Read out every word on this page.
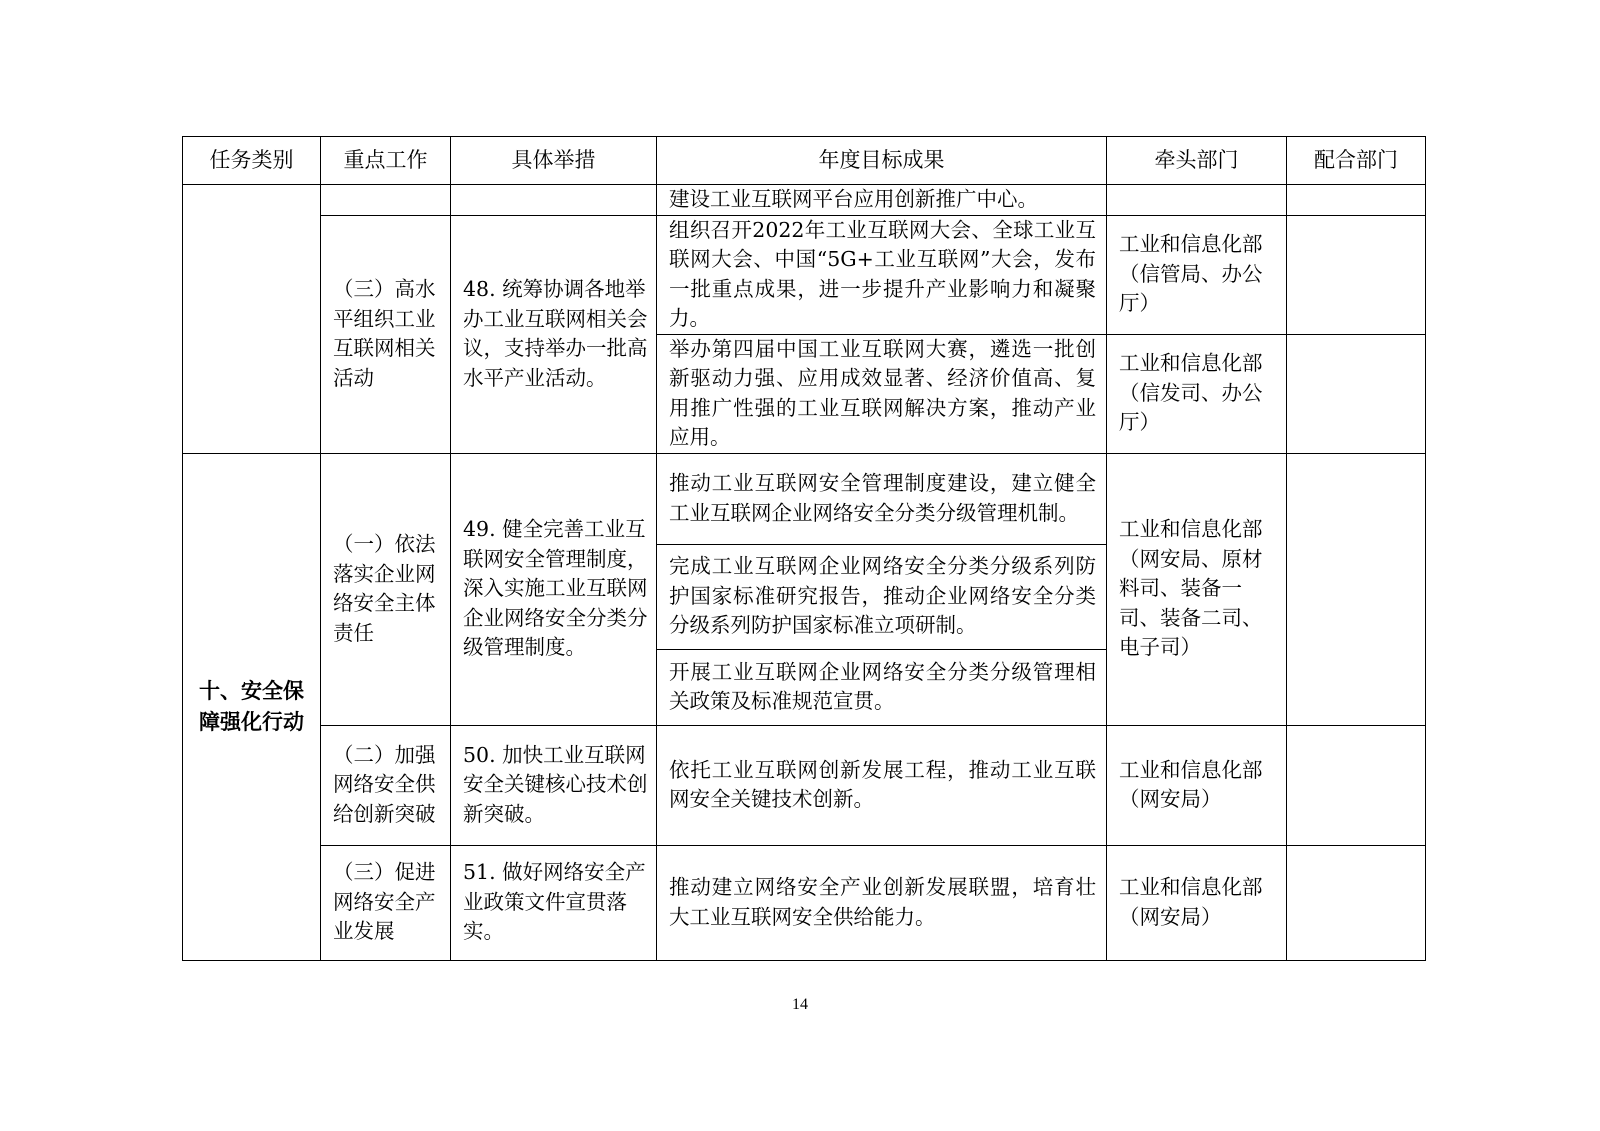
任务类别	重点工作	具体举措	年度目标成果	牵头部门	配合部门
			建设工业互联网平台应用创新推广中心。		
	（三）高水平组织工业互联网相关活动	48. 统筹协调各地举办工业互联网相关会议，支持举办一批高水平产业活动。	组织召开2022年工业互联网大会、全球工业互联网大会、中国“5G+工业互联网”大会，发布一批重点成果，进一步提升产业影响力和凝聚力。	工业和信息化部（信管局、办公厅）	
			举办第四届中国工业互联网大赛，遴选一批创新驱动力强、应用成效显著、经济价值高、复用推广性强的工业互联网解决方案，推动产业应用。	工业和信息化部（信发司、办公厅）	
十、安全保障强化行动	（一）依法落实企业网络安全主体责任	49. 健全完善工业互联网安全管理制度，深入实施工业互联网企业网络安全分类分级管理制度。	推动工业互联网安全管理制度建设，建立健全工业互联网企业网络安全分类分级管理机制。	工业和信息化部（网安局、原材料司、装备一司、装备二司、电子司）	
			完成工业互联网企业网络安全分类分级系列防护国家标准研究报告，推动企业网络安全分类分级系列防护国家标准立项研制。		
			开展工业互联网企业网络安全分类分级管理相关政策及标准规范宣贯。		
	（二）加强网络安全供给创新突破	50. 加快工业互联网安全关键核心技术创新突破。	依托工业互联网创新发展工程，推动工业互联网安全关键技术创新。	工业和信息化部（网安局）	
	（三）促进网络安全产业发展	51. 做好网络安全产业政策文件宣贯落实。	推动建立网络安全产业创新发展联盟，培育壮大工业互联网安全供给能力。	工业和信息化部（网安局）	
14
